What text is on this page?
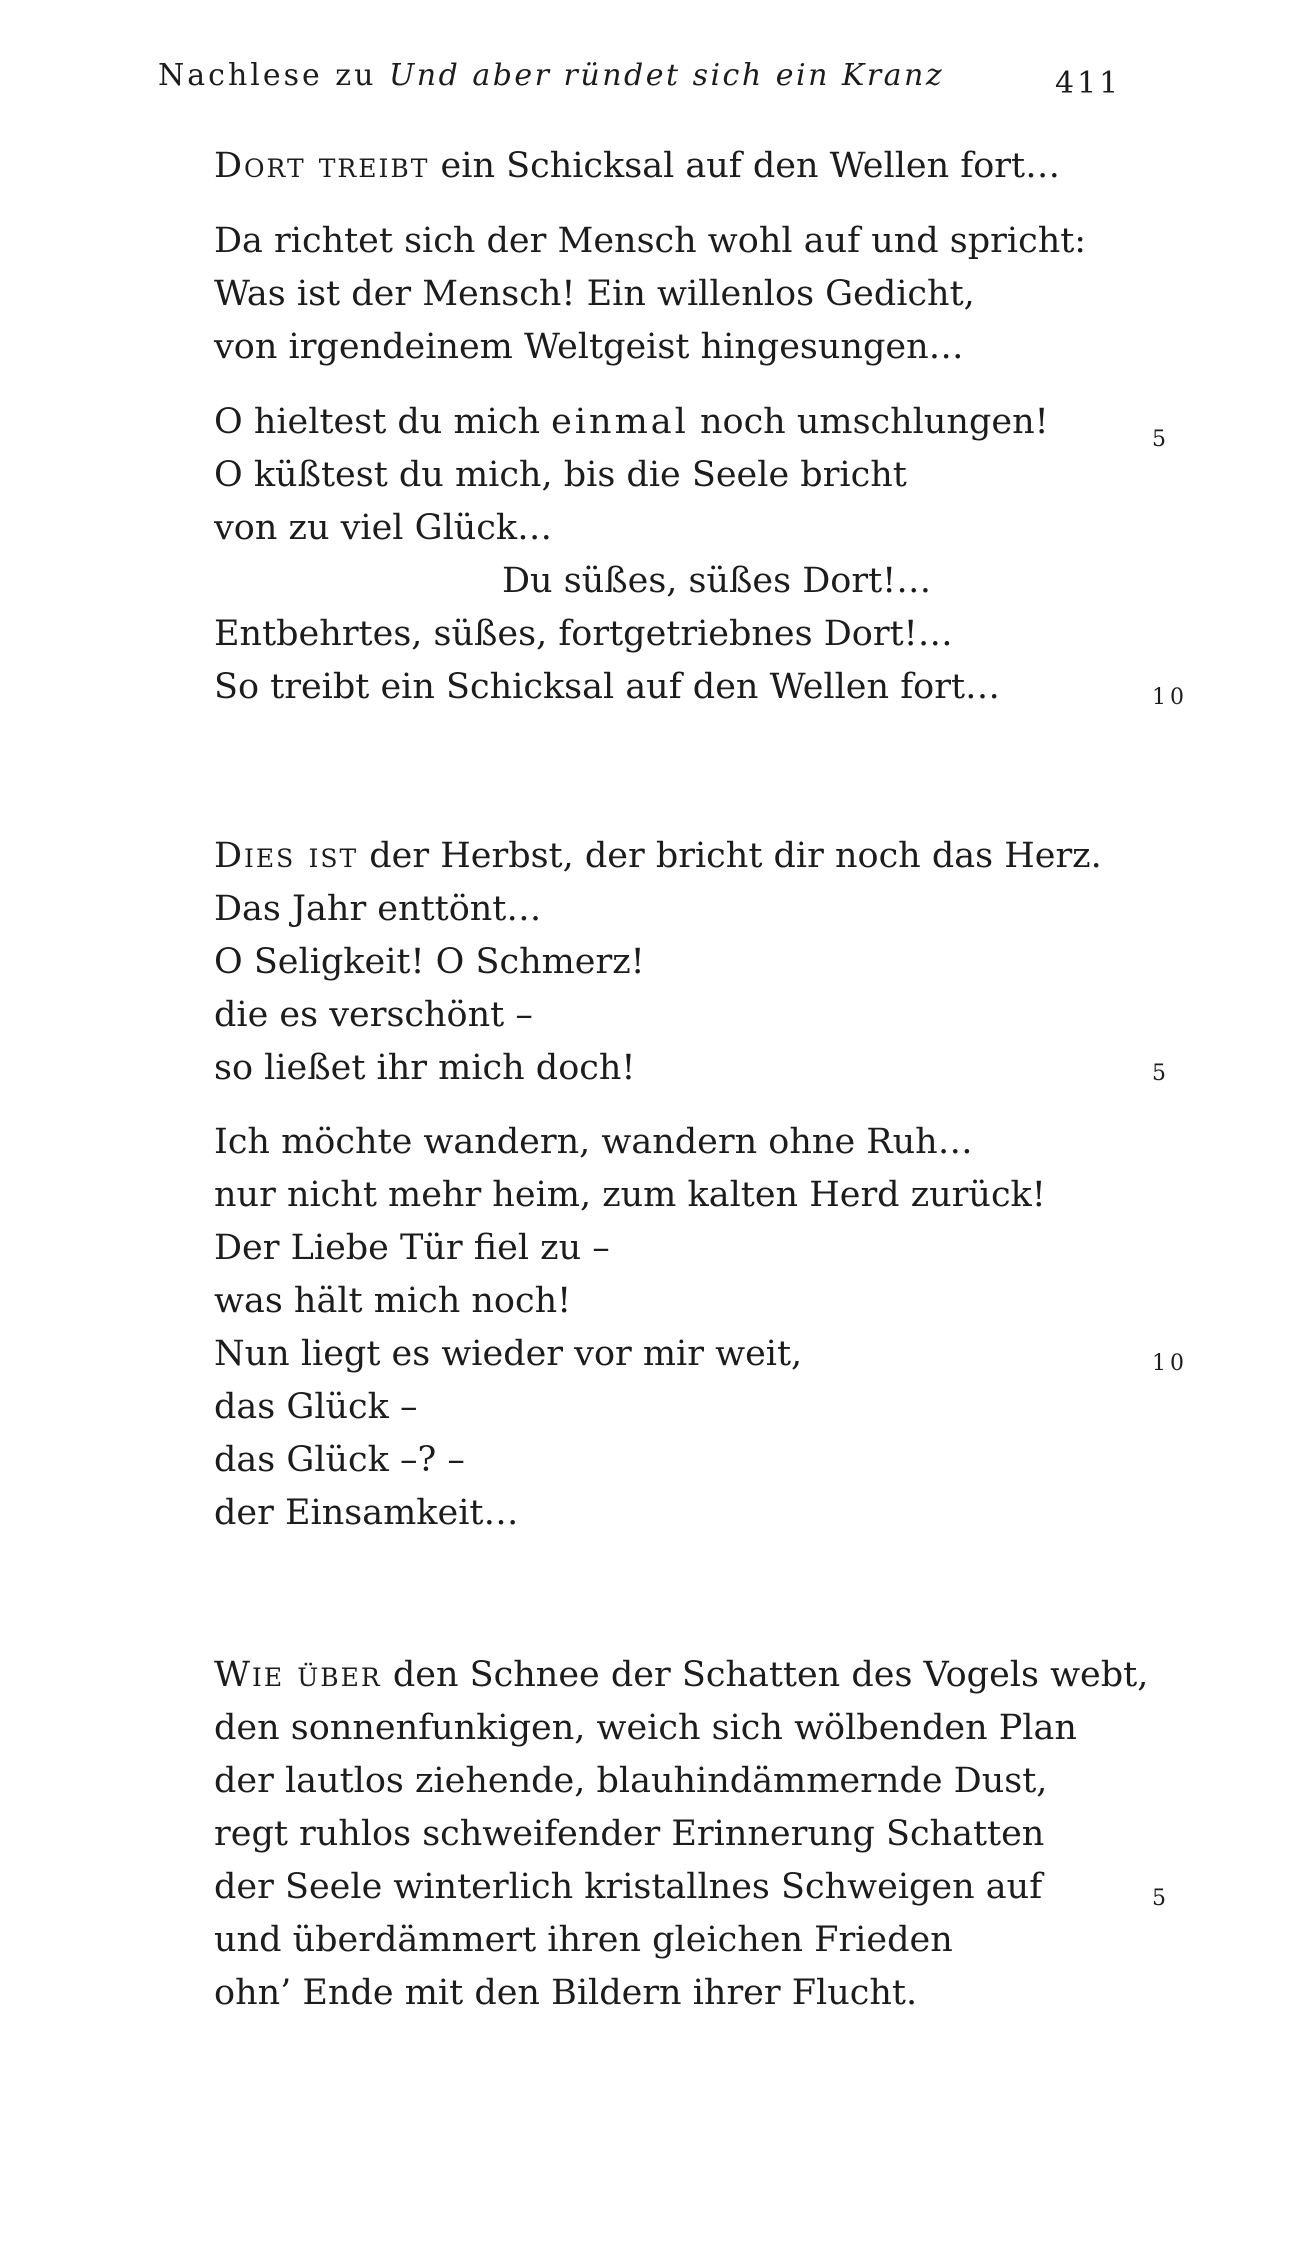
Nachlese zu Und aber ründet sich ein Kranz	411
Dort treibt ein Schicksal auf den Wellen fort…
Da richtet sich der Mensch wohl auf und spricht:
Was ist der Mensch! Ein willenlos Gedicht,
von irgendeinem Weltgeist hingesungen…
O hieltest du mich einmal noch umschlungen!
O küßtest du mich, bis die Seele bricht
von zu viel Glück…
Du süßes, süßes Dort!…
Entbehrtes, süßes, fortgetriebnes Dort!…
So treibt ein Schicksal auf den Wellen fort…
5
10
Dies ist der Herbst, der bricht dir noch das Herz.
Das Jahr enttönt…
O Seligkeit! O Schmerz!
die es verschönt –
so ließet ihr mich doch!
Ich möchte wandern, wandern ohne Ruh…
nur nicht mehr heim, zum kalten Herd zurück!
Der Liebe Tür fiel zu –
was hält mich noch!
Nun liegt es wieder vor mir weit,
das Glück –
das Glück –? –
der Einsamkeit…
5
10
Wie über den Schnee der Schatten des Vogels webt,
den sonnenfunkigen, weich sich wölbenden Plan
der lautlos ziehende, blauhindämmernde Dust,
regt ruhlos schweifender Erinnerung Schatten
der Seele winterlich kristallnes Schweigen auf
und überdämmert ihren gleichen Frieden
ohn’ Ende mit den Bildern ihrer Flucht.
5
